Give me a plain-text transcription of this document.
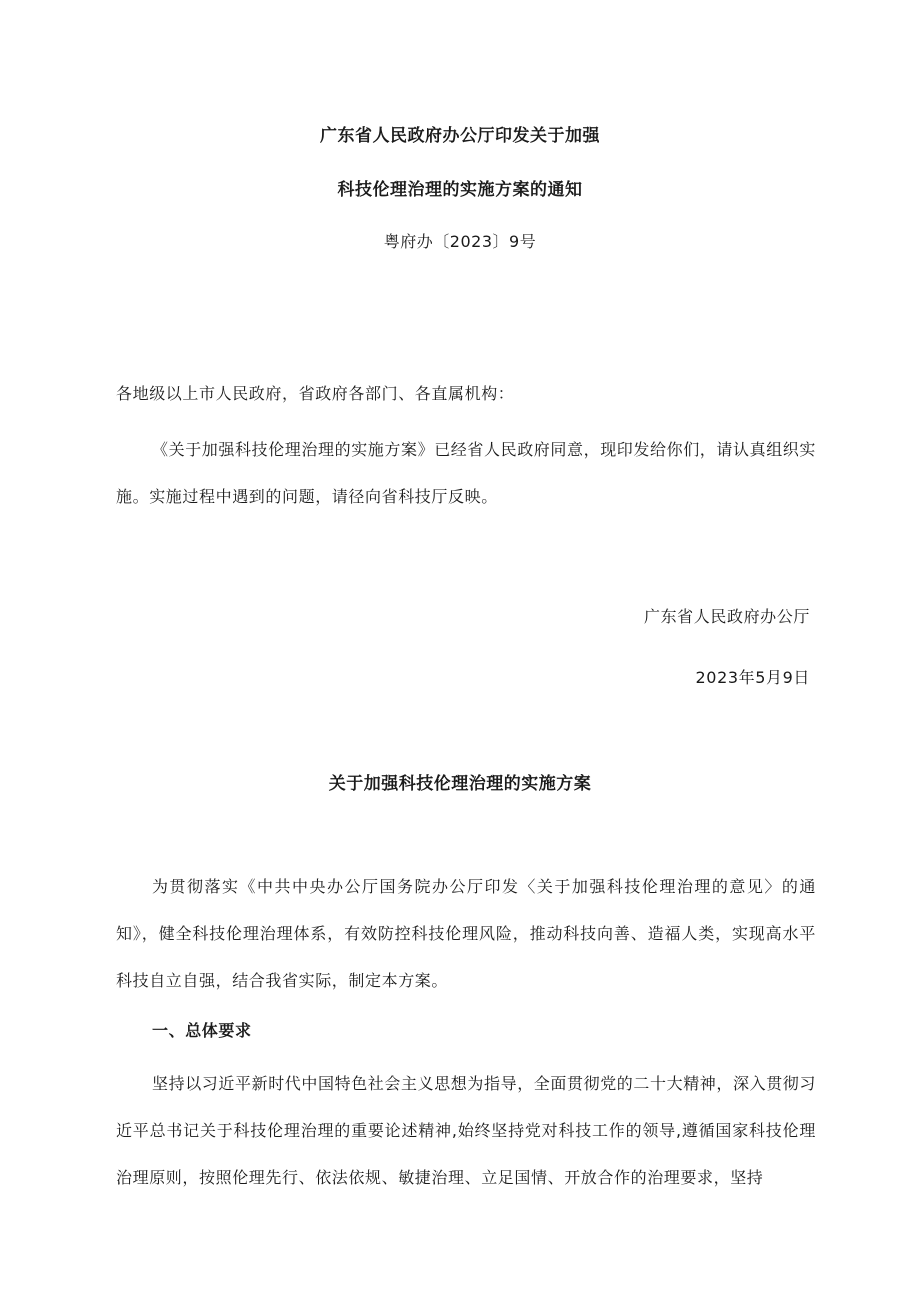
广东省人民政府办公厅印发关于加强
科技伦理治理的实施方案的通知
粤府办〔2023〕9号
各地级以上市人民政府，省政府各部门、各直属机构：
《关于加强科技伦理治理的实施方案》已经省人民政府同意，现印发给你们，请认真组织实施。实施过程中遇到的问题，请径向省科技厅反映。
广东省人民政府办公厅
2023年5月9日
关于加强科技伦理治理的实施方案
为贯彻落实《中共中央办公厅国务院办公厅印发〈关于加强科技伦理治理的意见〉的通知》，健全科技伦理治理体系，有效防控科技伦理风险，推动科技向善、造福人类，实现高水平科技自立自强，结合我省实际，制定本方案。
一、总体要求
坚持以习近平新时代中国特色社会主义思想为指导，全面贯彻党的二十大精神，深入贯彻习近平总书记关于科技伦理治理的重要论述精神,始终坚持党对科技工作的领导,遵循国家科技伦理治理原则，按照伦理先行、依法依规、敏捷治理、立足国情、开放合作的治理要求，坚持
